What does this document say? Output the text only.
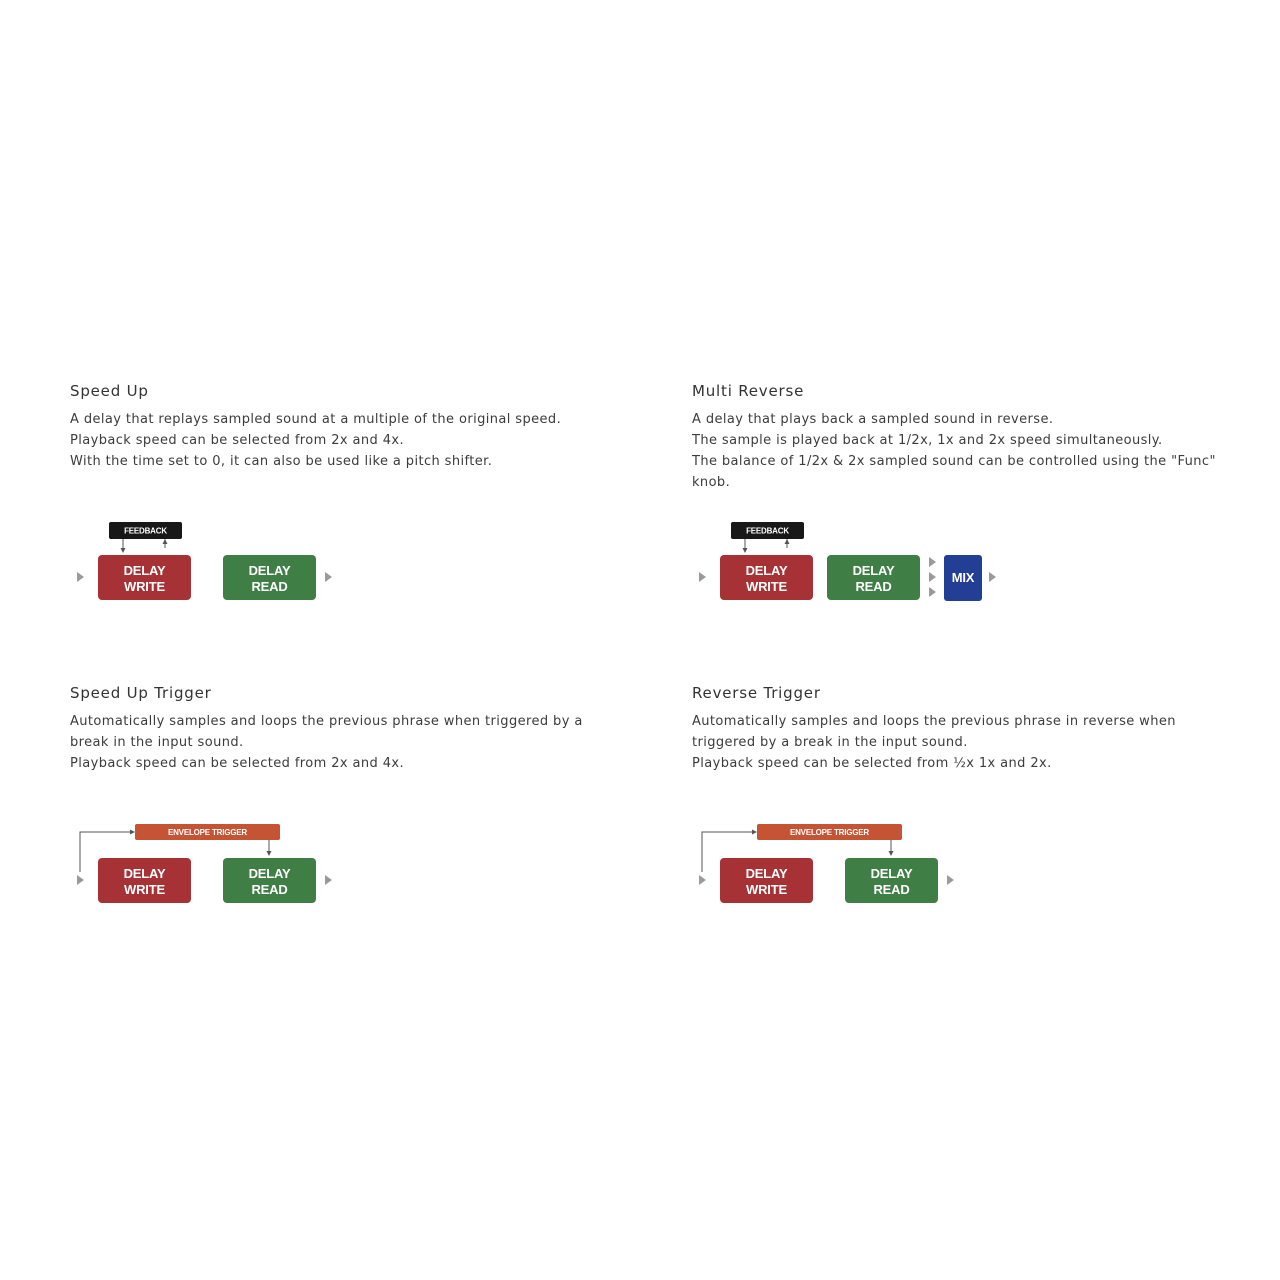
Speed Up
A delay that replays sampled sound at a multiple of the original speed.
Playback speed can be selected from 2x and 4x.
With the time set to 0, it can also be used like a pitch shifter.
FEEDBACK
DELAY
WRITE
DELAY
READ
Multi Reverse
A delay that plays back a sampled sound in reverse.
The sample is played back at 1/2x, 1x and 2x speed simultaneously.
The balance of 1/2x & 2x sampled sound can be controlled using the "Func"
knob.
FEEDBACK
DELAY
WRITE
DELAY
READ
MIX
Speed Up Trigger
Automatically samples and loops the previous phrase when triggered by a
break in the input sound.
Playback speed can be selected from 2x and 4x.
ENVELOPE TRIGGER
DELAY
WRITE
DELAY
READ
Reverse Trigger
Automatically samples and loops the previous phrase in reverse when
triggered by a break in the input sound.
Playback speed can be selected from ½x 1x and 2x.
ENVELOPE TRIGGER
DELAY
WRITE
DELAY
READ
